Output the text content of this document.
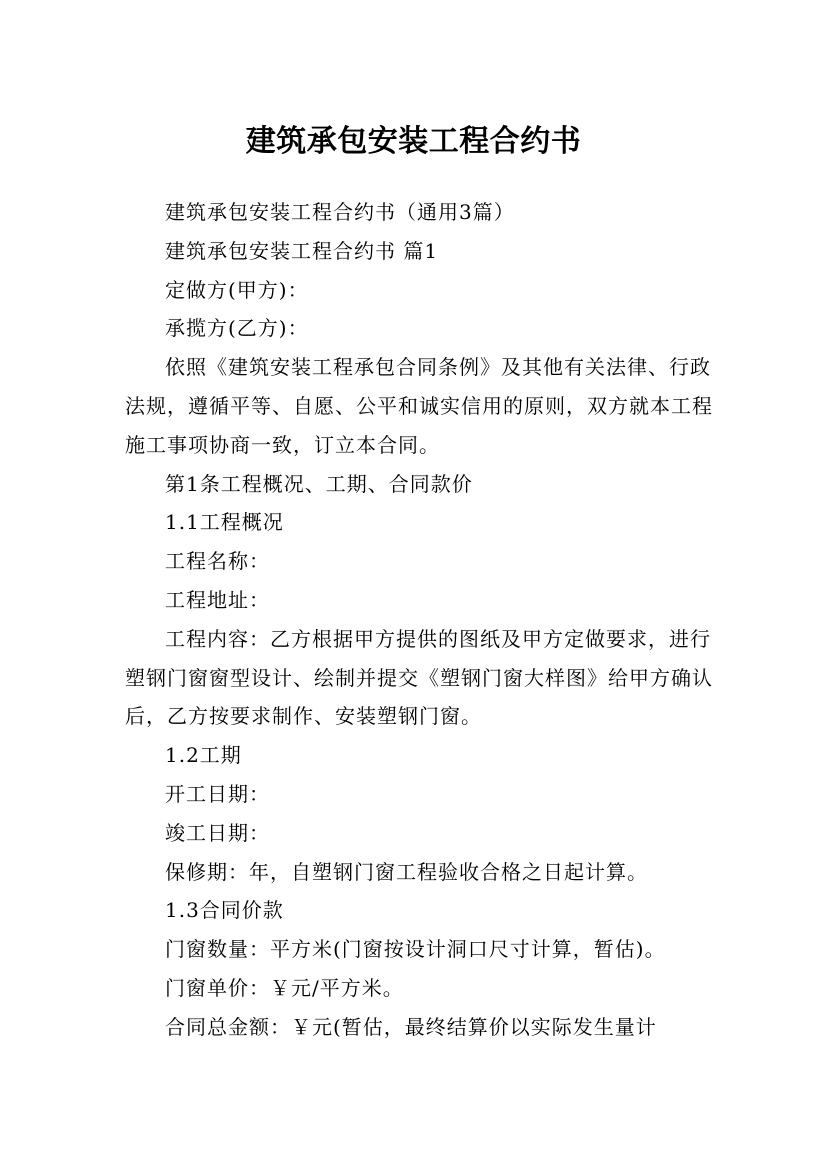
建筑承包安装工程合约书

建筑承包安装工程合约书（通用3篇）

建筑承包安装工程合约书 篇1

定做方(甲方)：

承揽方(乙方)：

依照《建筑安装工程承包合同条例》及其他有关法律、行政法规，遵循平等、自愿、公平和诚实信用的原则，双方就本工程施工事项协商一致，订立本合同。

第1条工程概况、工期、合同款价

1.1工程概况

工程名称：

工程地址：

工程内容：乙方根据甲方提供的图纸及甲方定做要求，进行塑钢门窗窗型设计、绘制并提交《塑钢门窗大样图》给甲方确认后，乙方按要求制作、安装塑钢门窗。

1.2工期

开工日期：

竣工日期：

保修期：年，自塑钢门窗工程验收合格之日起计算。

1.3合同价款

门窗数量：平方米(门窗按设计洞口尺寸计算，暂估)。

门窗单价：￥元/平方米。

合同总金额：￥元(暂估，最终结算价以实际发生量计
